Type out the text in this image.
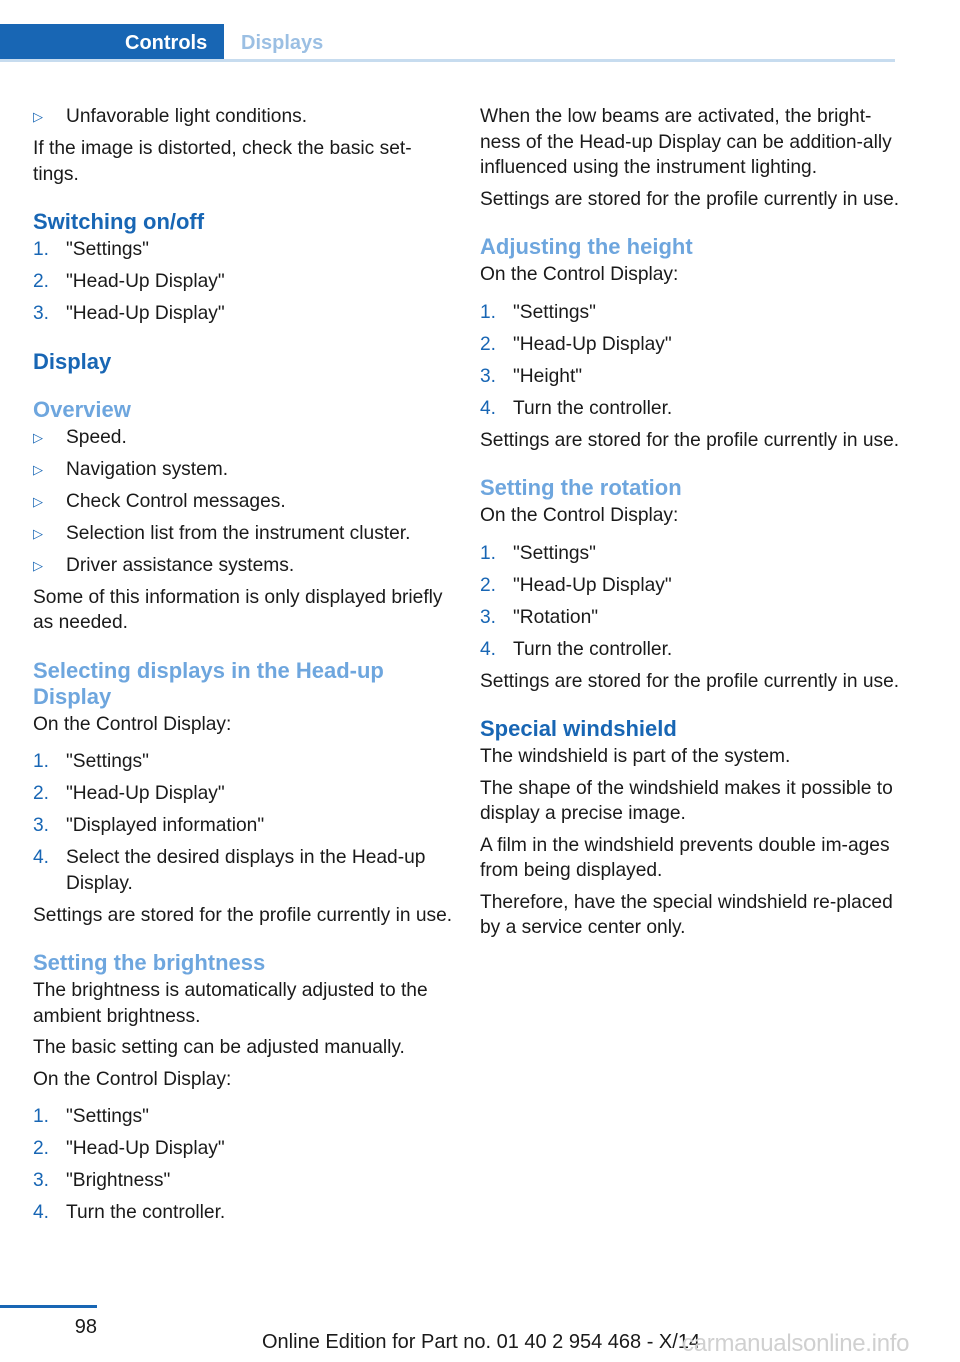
Controls	Displays
▷ Unfavorable light conditions.

If the image is distorted, check the basic set‐tings.

Switching on/off
1. "Settings"
2. "Head-Up Display"
3. "Head-Up Display"
Display
Overview
▷ Speed.
▷ Navigation system.
▷ Check Control messages.
▷ Selection list from the instrument cluster.
▷ Driver assistance systems.

Some of this information is only displayed briefly as needed.

Selecting displays in the Head-up Display

On the Control Display:

1. "Settings"
2. "Head-Up Display"
3. "Displayed information"
4. Select the desired displays in the Head-up Display.

Settings are stored for the profile currently in use.

Setting the brightness

The brightness is automatically adjusted to the ambient brightness.

The basic setting can be adjusted manually.

On the Control Display:

1. "Settings"
2. "Head-Up Display"
3. "Brightness"
4. Turn the controller.

When the low beams are activated, the bright‐ness of the Head-up Display can be addition‐ally influenced using the instrument lighting.

Settings are stored for the profile currently in use.

Adjusting the height

On the Control Display:

1. "Settings"
2. "Head-Up Display"
3. "Height"
4. Turn the controller.

Settings are stored for the profile currently in use.

Setting the rotation

On the Control Display:

1. "Settings"
2. "Head-Up Display"
3. "Rotation"
4. Turn the controller.

Settings are stored for the profile currently in use.

Special windshield

The windshield is part of the system.

The shape of the windshield makes it possible to display a precise image.

A film in the windshield prevents double im‐ages from being displayed.

Therefore, have the special windshield re‐placed by a service center only.

98
Online Edition for Part no. 01 40 2 954 468 - X/14
carmanualsonline.info
